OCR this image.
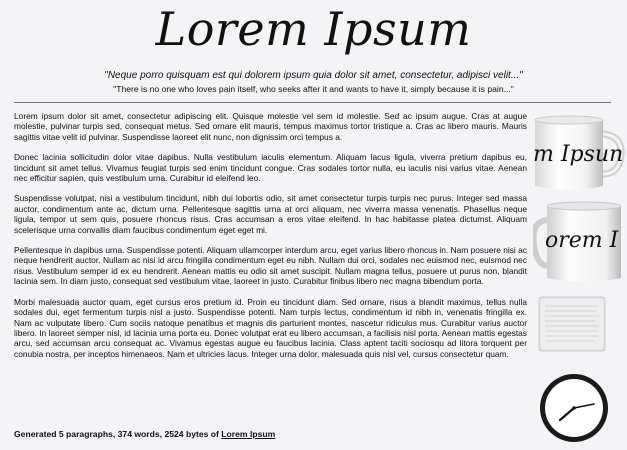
Lorem Ipsum
"Neque porro quisquam est qui dolorem ipsum quia dolor sit amet, consectetur, adipisci velit..."
"There is no one who loves pain itself, who seeks after it and wants to have it, simply because it is pain..."

Lorem ipsum dolor sit amet, consectetur adipiscing elit. Quisque molestie vel sem id molestie. Sed ac ipsum augue. Cras at augue molestie, pulvinar turpis sed, consequat metus. Sed ornare elit mauris, tempus maximus tortor tristique a. Cras ac libero mauris. Mauris sagittis vitae velit id pulvinar. Suspendisse laoreet elit nunc, non dignissim orci tempus a.

Donec lacinia sollicitudin dolor vitae dapibus. Nulla vestibulum iaculis elementum. Aliquam lacus ligula, viverra pretium dapibus eu, tincidunt sit amet tellus. Vivamus feugiat turpis sed enim tincidunt congue. Cras sodales tortor nulla, eu iaculis nisi varius vitae. Aenean nec efficitur sapien, quis vestibulum urna. Curabitur id eleifend leo.

Suspendisse volutpat, nisi a vestibulum tincidunt, nibh dui lobortis odio, sit amet consectetur turpis turpis nec purus. Integer sed massa auctor, condimentum ante ac, dictum urna. Pellentesque sagittis urna at orci aliquam, nec viverra massa venenatis. Phasellus neque ligula, tempor ut sem quis, posuere rhoncus risus. Cras accumsan a eros vitae eleifend. In hac habitasse platea dictumst. Aliquam scelerisque urna convallis diam faucibus condimentum eget eget mi.

Pellentesque in dapibus urna. Suspendisse potenti. Aliquam ullamcorper interdum arcu, eget varius libero rhoncus in. Nam posuere nisi ac neque hendrerit auctor. Nullam ac nisi id arcu fringilla condimentum eget eu nibh. Nullam dui orci, sodales nec euismod nec, euismod nec risus. Vestibulum semper id ex eu hendrerit. Aenean mattis eu odio sit amet suscipit. Nullam magna tellus, posuere ut purus non, blandit lacinia sem. In diam justo, consequat sed vestibulum vitae, laoreet in justo. Curabitur finibus libero nec magna bibendum porta.

Morbi malesuada auctor quam, eget cursus eros pretium id. Proin eu tincidunt diam. Sed ornare, risus a blandit maximus, tellus nulla sodales dui, eget fermentum turpis nisl a justo. Suspendisse potenti. Nam turpis lectus, condimentum id nibh in, venenatis fringilla ex. Nam ac vulputate libero. Cum sociis natoque penatibus et magnis dis parturient montes, nascetur ridiculus mus. Curabitur varius auctor libero. In laoreet semper nisl, id lacinia urna porta eu. Donec volutpat erat eu libero accumsan, a facilisis nisl porta. Aenean mattis egestas arcu, sed accumsan arcu consequat ac. Vivamus egestas augue eu faucibus lacinia. Class aptent taciti sociosqu ad litora torquent per conubia nostra, per inceptos himenaeos. Nam et ultricies lacus. Integer urna dolor, malesuada quis nisl vel, cursus consectetur quam.

Generated 5 paragraphs, 374 words, 2524 bytes of Lorem Ipsum
m Ipsun
orem I
